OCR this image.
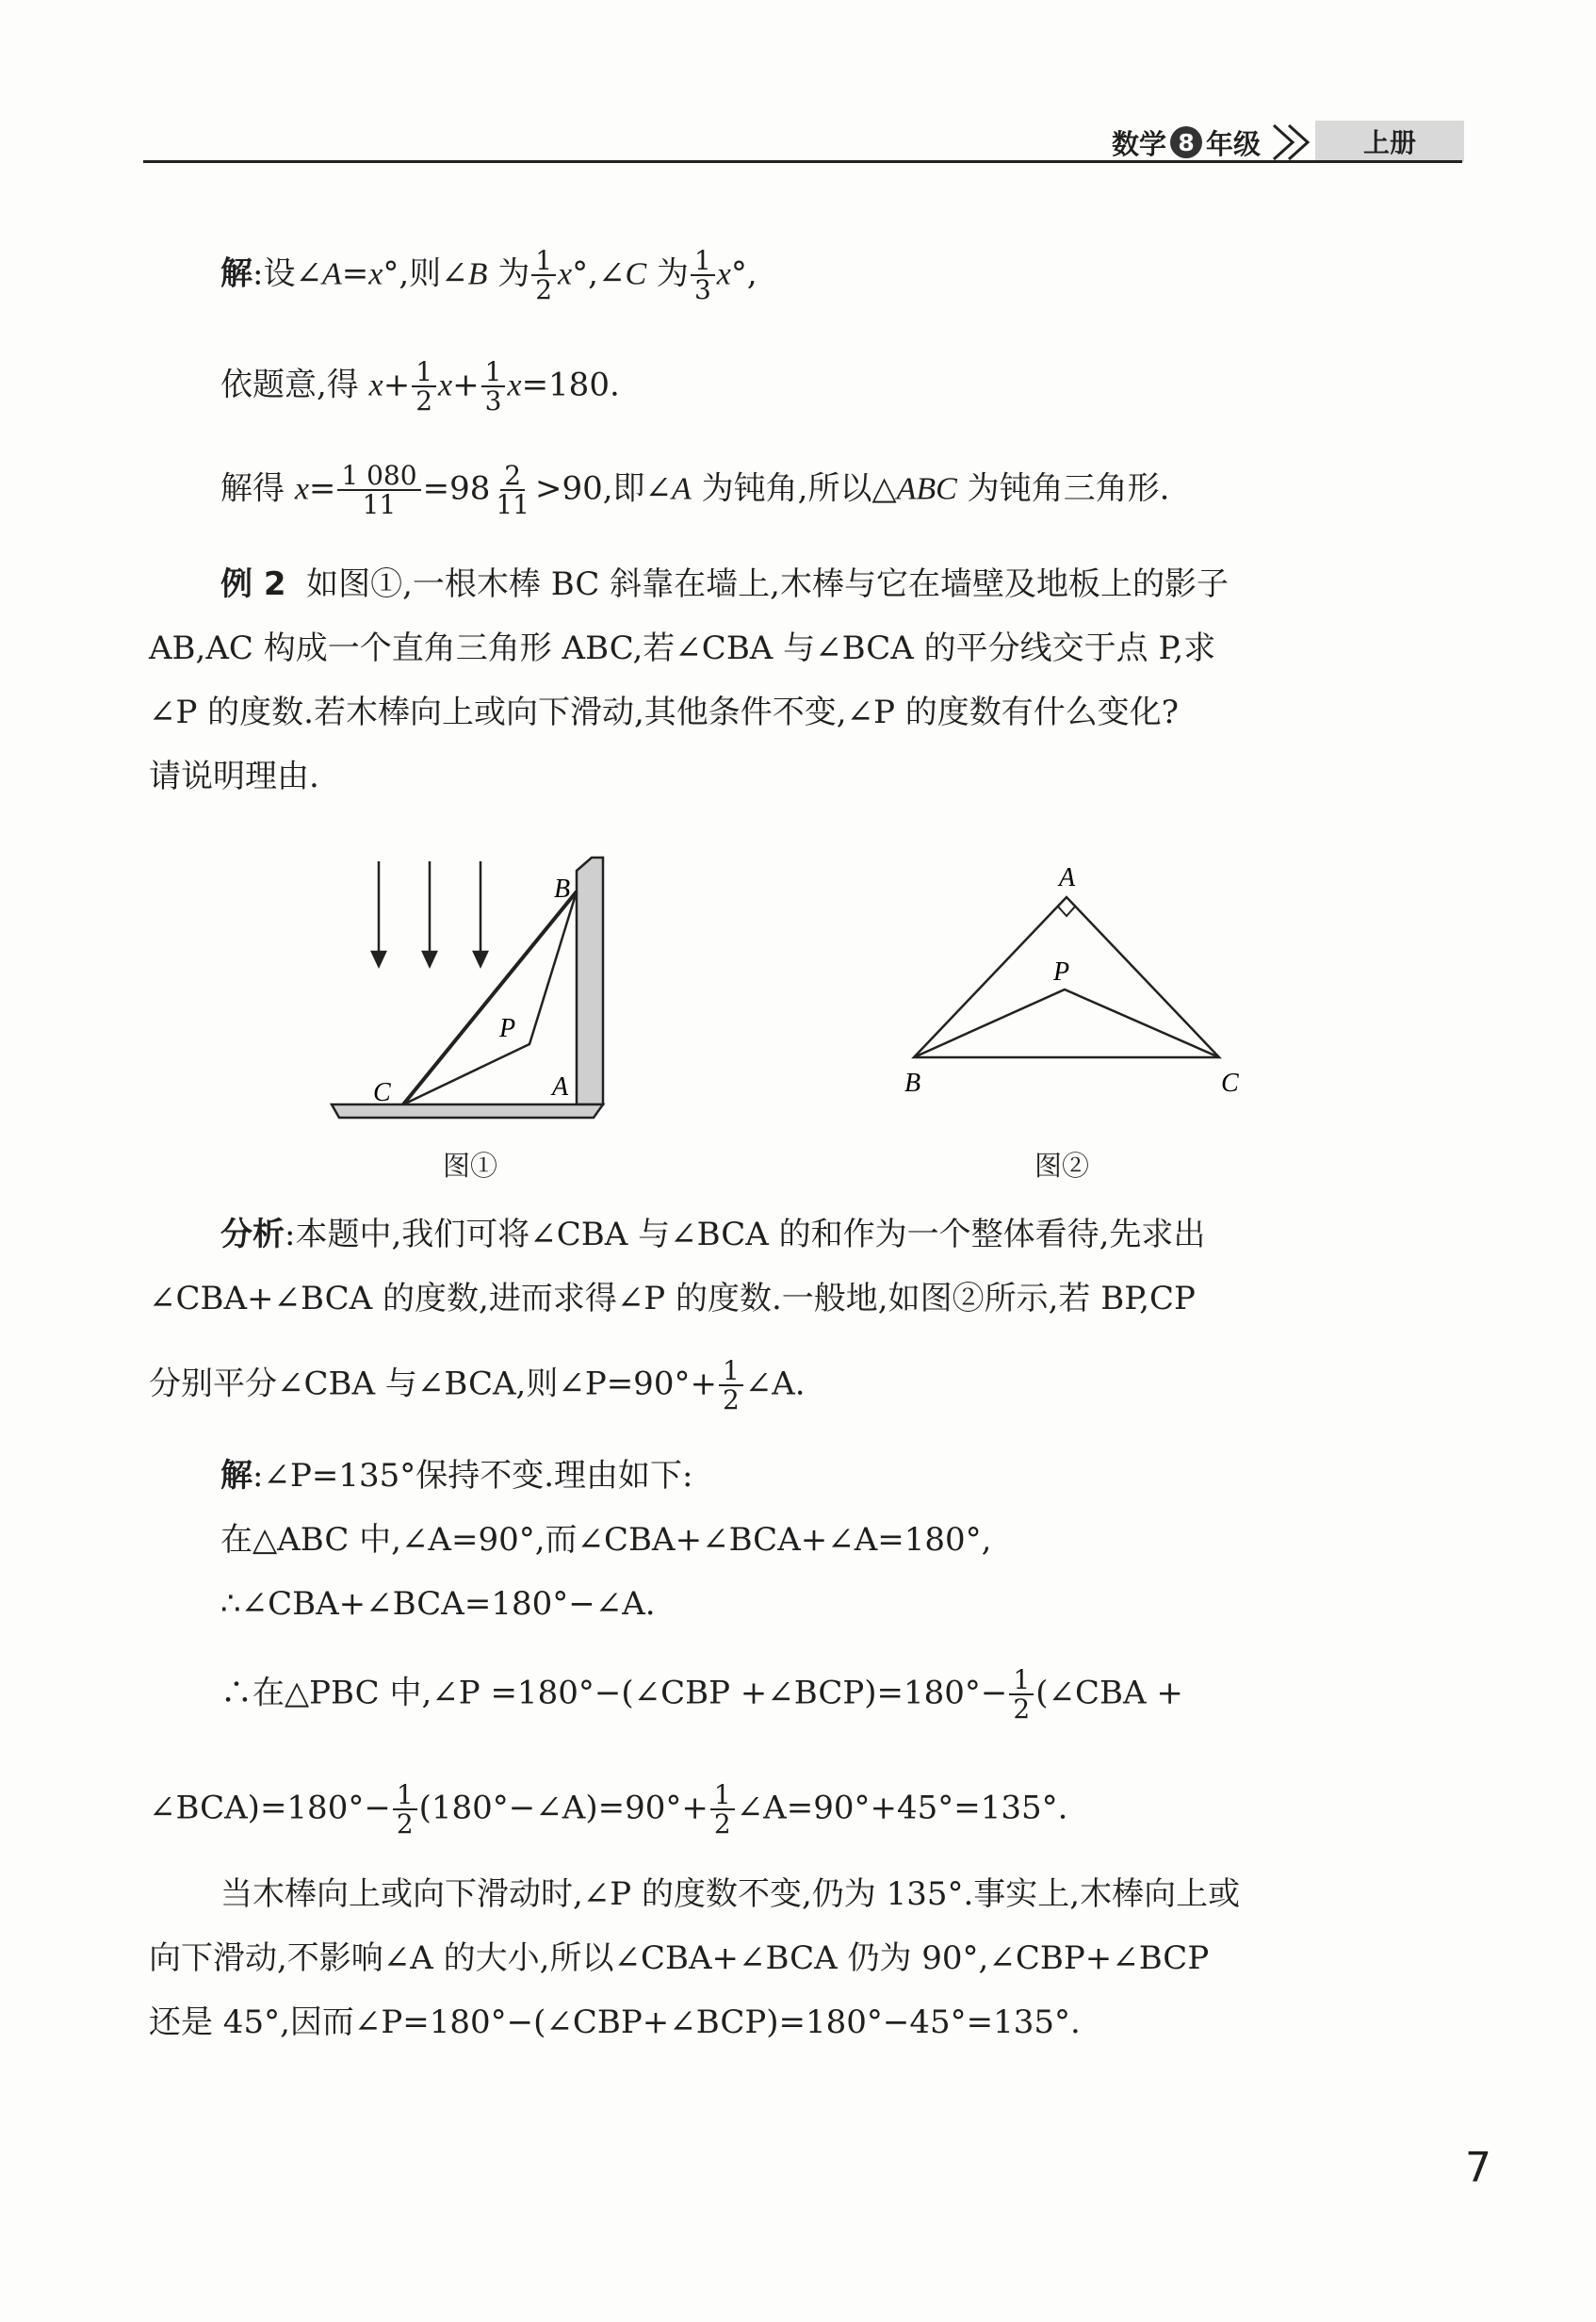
数学 8 年级	上册
解:设∠A=x°,则∠B 为 $\frac{1}{2}$ x°,∠C 为 $\frac{1}{3} x^\circ$,
依题意,得 $x+ \frac{1}{2} x+ \frac{1}{3} x=180$.
解得 $x= \frac{1 080}{11} =98 \frac{2}{11} >90$,即∠A 为钝角,所以△ABC 为钝角三角形.
例 2 如图①,一根木棒 BC 斜靠在墙上,木棒与它在墙壁及地板上的影子
AB,AC 构成一个直角三角形 ABC,若∠CBA 与∠BCA 的平分线交于点 P,求
∠P 的度数.若木棒向上或向下滑动,其他条件不变,∠P 的度数有什么变化?
请说明理由.
B
P
C	A
图①
A
P
B	C
图②
分析:本题中,我们可将∠CBA 与∠BCA 的和作为一个整体看待,先求出
∠CBA+∠BCA 的度数,进而求得∠P 的度数.一般地,如图②所示,若 BP,CP
分别平分∠CBA 与∠BCA,则∠P=90°+ $\frac{1}{2}$ ∠A.
解:∠P=135°保持不变.理由如下:
在△ABC 中,∠A=90°,而∠CBA+∠BCA+∠A=180°,
∴∠CBA+∠BCA=180°−∠A.
∴在△PBC 中,∠P =180°−(∠CBP +∠BCP)=180°− $\frac{1}{2}$ (∠CBA +
∠BCA)=180°− $\frac{1}{2}$ (180°−∠A)=90°+ $\frac{1}{2}$ ∠A=90°+45°=135°.
当木棒向上或向下滑动时,∠P 的度数不变,仍为 135°.事实上,木棒向上或
向下滑动,不影响∠A 的大小,所以∠CBA+∠BCA 仍为 90°,∠CBP+∠BCP
还是 45°,因而∠P=180°−(∠CBP+∠BCP)=180°−45°=135°.
7
